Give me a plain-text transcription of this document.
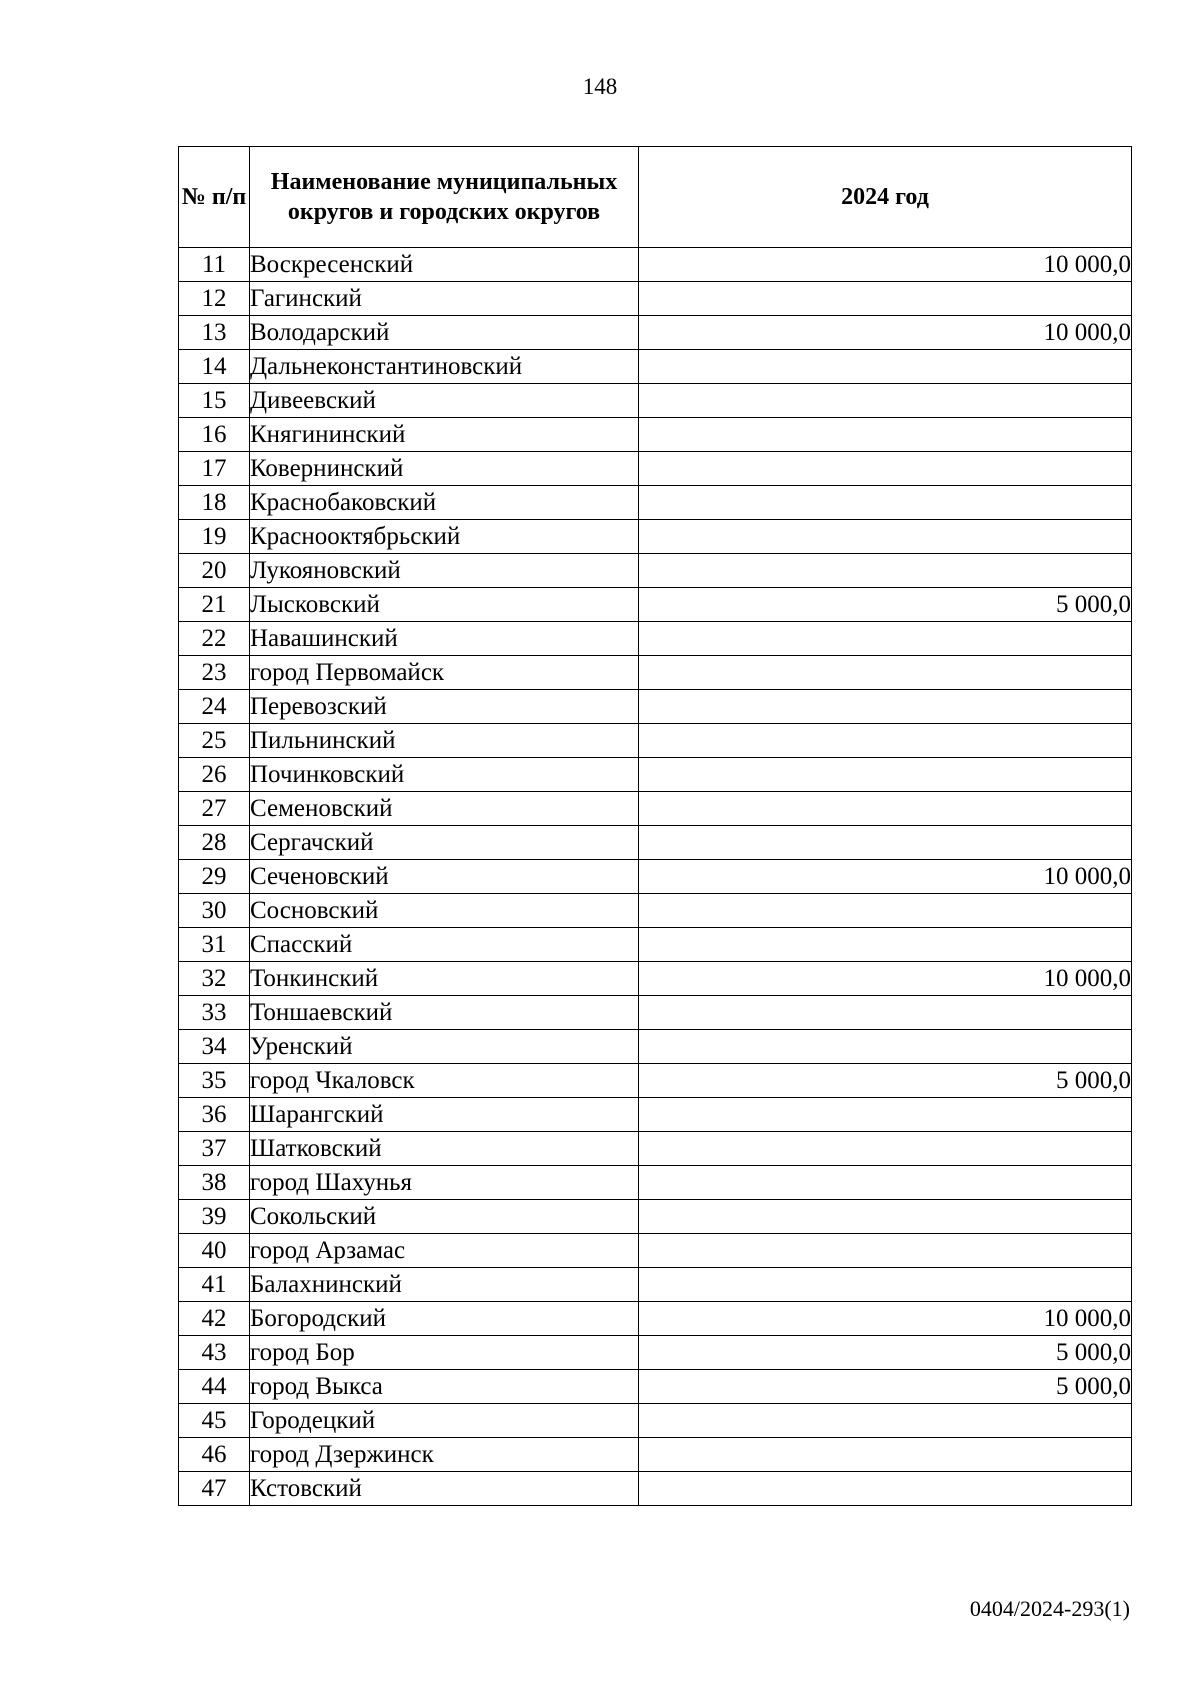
148
№ п/п	Наименование муниципальных округов и городских округов	2024 год
11	Воскресенский	10 000,0
12	Гагинский	
13	Володарский	10 000,0
14	Дальнеконстантиновский	
15	Дивеевский	
16	Княгининский	
17	Ковернинский	
18	Краснобаковский	
19	Краснооктябрьский	
20	Лукояновский	
21	Лысковский	5 000,0
22	Навашинский	
23	город Первомайск	
24	Перевозский	
25	Пильнинский	
26	Починковский	
27	Семеновский	
28	Сергачский	
29	Сеченовский	10 000,0
30	Сосновский	
31	Спасский	
32	Тонкинский	10 000,0
33	Тоншаевский	
34	Уренский	
35	город Чкаловск	5 000,0
36	Шарангский	
37	Шатковский	
38	город Шахунья	
39	Сокольский	
40	город Арзамас	
41	Балахнинский	
42	Богородский	10 000,0
43	город Бор	5 000,0
44	город Выкса	5 000,0
45	Городецкий	
46	город Дзержинск	
47	Кстовский	
0404/2024-293(1)
